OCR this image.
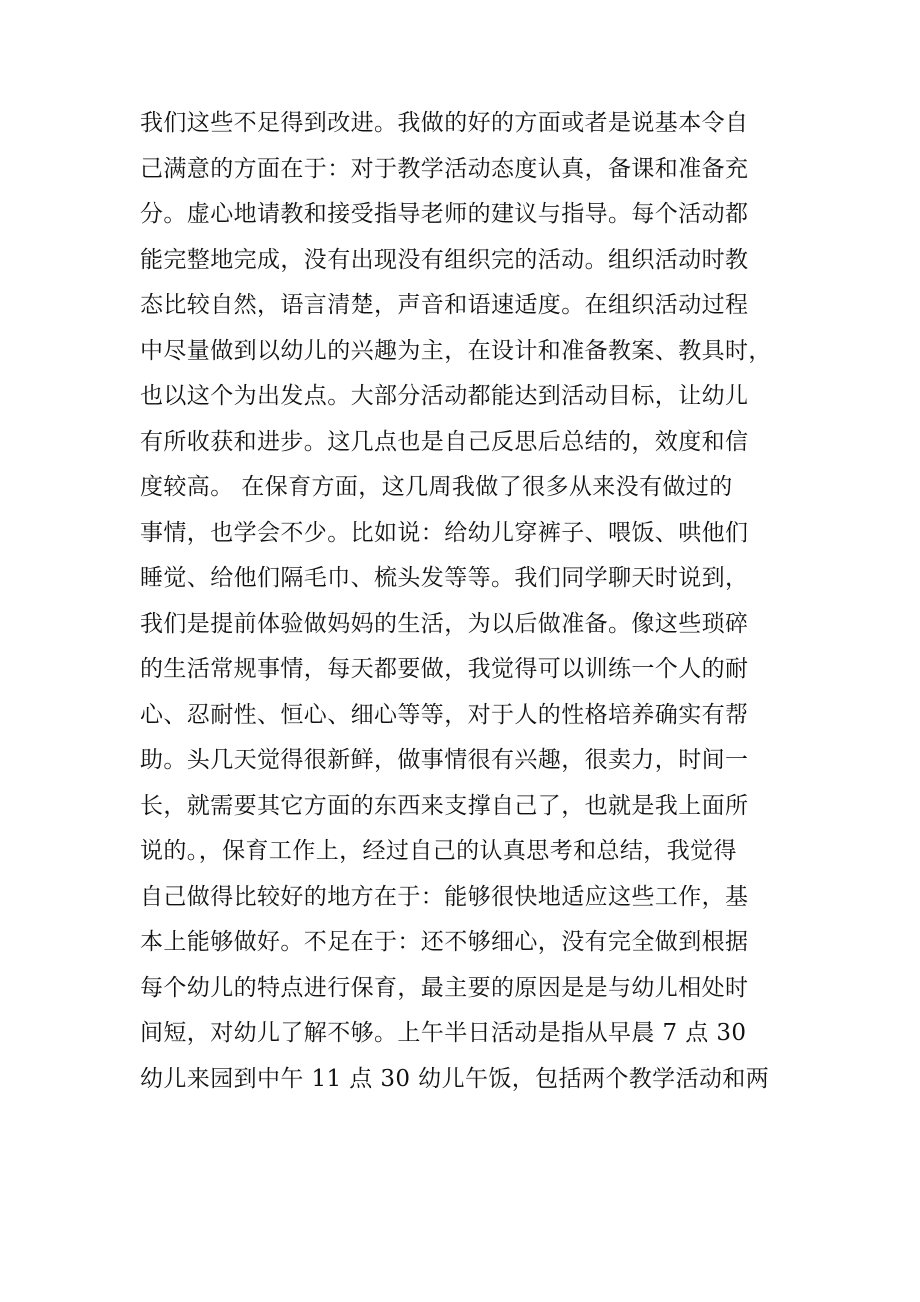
我们这些不足得到改进。我做的好的方面或者是说基本令自
己满意的方面在于：对于教学活动态度认真，备课和准备充
分。虚心地请教和接受指导老师的建议与指导。每个活动都
能完整地完成，没有出现没有组织完的活动。组织活动时教
态比较自然，语言清楚，声音和语速适度。在组织活动过程
中尽量做到以幼儿的兴趣为主，在设计和准备教案、教具时，
也以这个为出发点。大部分活动都能达到活动目标，让幼儿
有所收获和进步。这几点也是自己反思后总结的，效度和信
度较高。 在保育方面，这几周我做了很多从来没有做过的
事情，也学会不少。比如说：给幼儿穿裤子、喂饭、哄他们
睡觉、给他们隔毛巾、梳头发等等。我们同学聊天时说到，
我们是提前体验做妈妈的生活，为以后做准备。像这些琐碎
的生活常规事情，每天都要做，我觉得可以训练一个人的耐
心、忍耐性、恒心、细心等等，对于人的性格培养确实有帮
助。头几天觉得很新鲜，做事情很有兴趣，很卖力，时间一
长，就需要其它方面的东西来支撑自己了，也就是我上面所
说的。，保育工作上，经过自己的认真思考和总结，我觉得
自己做得比较好的地方在于：能够很快地适应这些工作，基
本上能够做好。不足在于：还不够细心，没有完全做到根据
每个幼儿的特点进行保育，最主要的原因是是与幼儿相处时
间短，对幼儿了解不够。上午半日活动是指从早晨 7 点 30
幼儿来园到中午 11 点 30 幼儿午饭，包括两个教学活动和两
